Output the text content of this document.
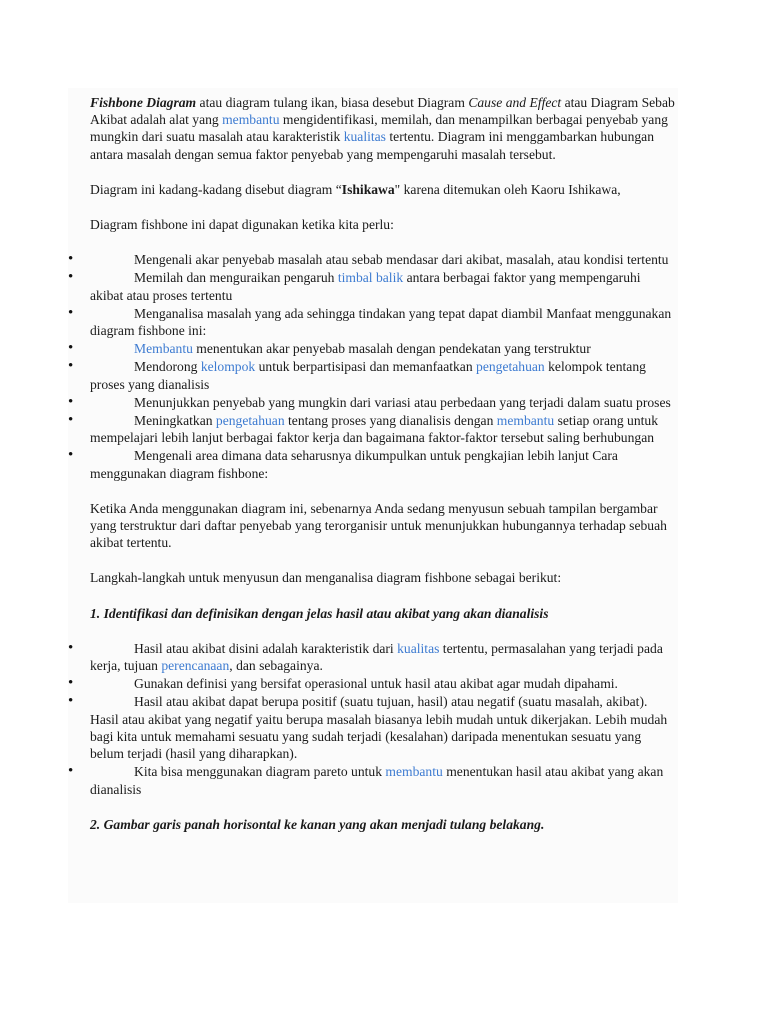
Fishbone Diagram atau diagram tulang ikan, biasa desebut Diagram Cause and Effect atau Diagram Sebab Akibat adalah alat yang membantu mengidentifikasi, memilah, dan menampilkan berbagai penyebab yang mungkin dari suatu masalah atau karakteristik kualitas tertentu. Diagram ini menggambarkan hubungan antara masalah dengan semua faktor penyebab yang mempengaruhi masalah tersebut.

Diagram ini kadang-kadang disebut diagram “Ishikawa" karena ditemukan oleh Kaoru Ishikawa,

Diagram fishbone ini dapat digunakan ketika kita perlu:

• Mengenali akar penyebab masalah atau sebab mendasar dari akibat, masalah, atau kondisi tertentu
• Memilah dan menguraikan pengaruh timbal balik antara berbagai faktor yang mempengaruhi akibat atau proses tertentu
• Menganalisa masalah yang ada sehingga tindakan yang tepat dapat diambil Manfaat menggunakan diagram fishbone ini:
• Membantu menentukan akar penyebab masalah dengan pendekatan yang terstruktur
• Mendorong kelompok untuk berpartisipasi dan memanfaatkan pengetahuan kelompok tentang proses yang dianalisis
• Menunjukkan penyebab yang mungkin dari variasi atau perbedaan yang terjadi dalam suatu proses
• Meningkatkan pengetahuan tentang proses yang dianalisis dengan membantu setiap orang untuk mempelajari lebih lanjut berbagai faktor kerja dan bagaimana faktor-faktor tersebut saling berhubungan
• Mengenali area dimana data seharusnya dikumpulkan untuk pengkajian lebih lanjut Cara menggunakan diagram fishbone:

Ketika Anda menggunakan diagram ini, sebenarnya Anda sedang menyusun sebuah tampilan bergambar yang terstruktur dari daftar penyebab yang terorganisir untuk menunjukkan hubungannya terhadap sebuah akibat tertentu.

Langkah-langkah untuk menyusun dan menganalisa diagram fishbone sebagai berikut:

1. Identifikasi dan definisikan dengan jelas hasil atau akibat yang akan dianalisis
• Hasil atau akibat disini adalah karakteristik dari kualitas tertentu, permasalahan yang terjadi pada kerja, tujuan perencanaan, dan sebagainya.
• Gunakan definisi yang bersifat operasional untuk hasil atau akibat agar mudah dipahami.
• Hasil atau akibat dapat berupa positif (suatu tujuan, hasil) atau negatif (suatu masalah, akibat). Hasil atau akibat yang negatif yaitu berupa masalah biasanya lebih mudah untuk dikerjakan. Lebih mudah bagi kita untuk memahami sesuatu yang sudah terjadi (kesalahan) daripada menentukan sesuatu yang belum terjadi (hasil yang diharapkan).
• Kita bisa menggunakan diagram pareto untuk membantu menentukan hasil atau akibat yang akan dianalisis
2. Gambar garis panah horisontal ke kanan yang akan menjadi tulang belakang.
